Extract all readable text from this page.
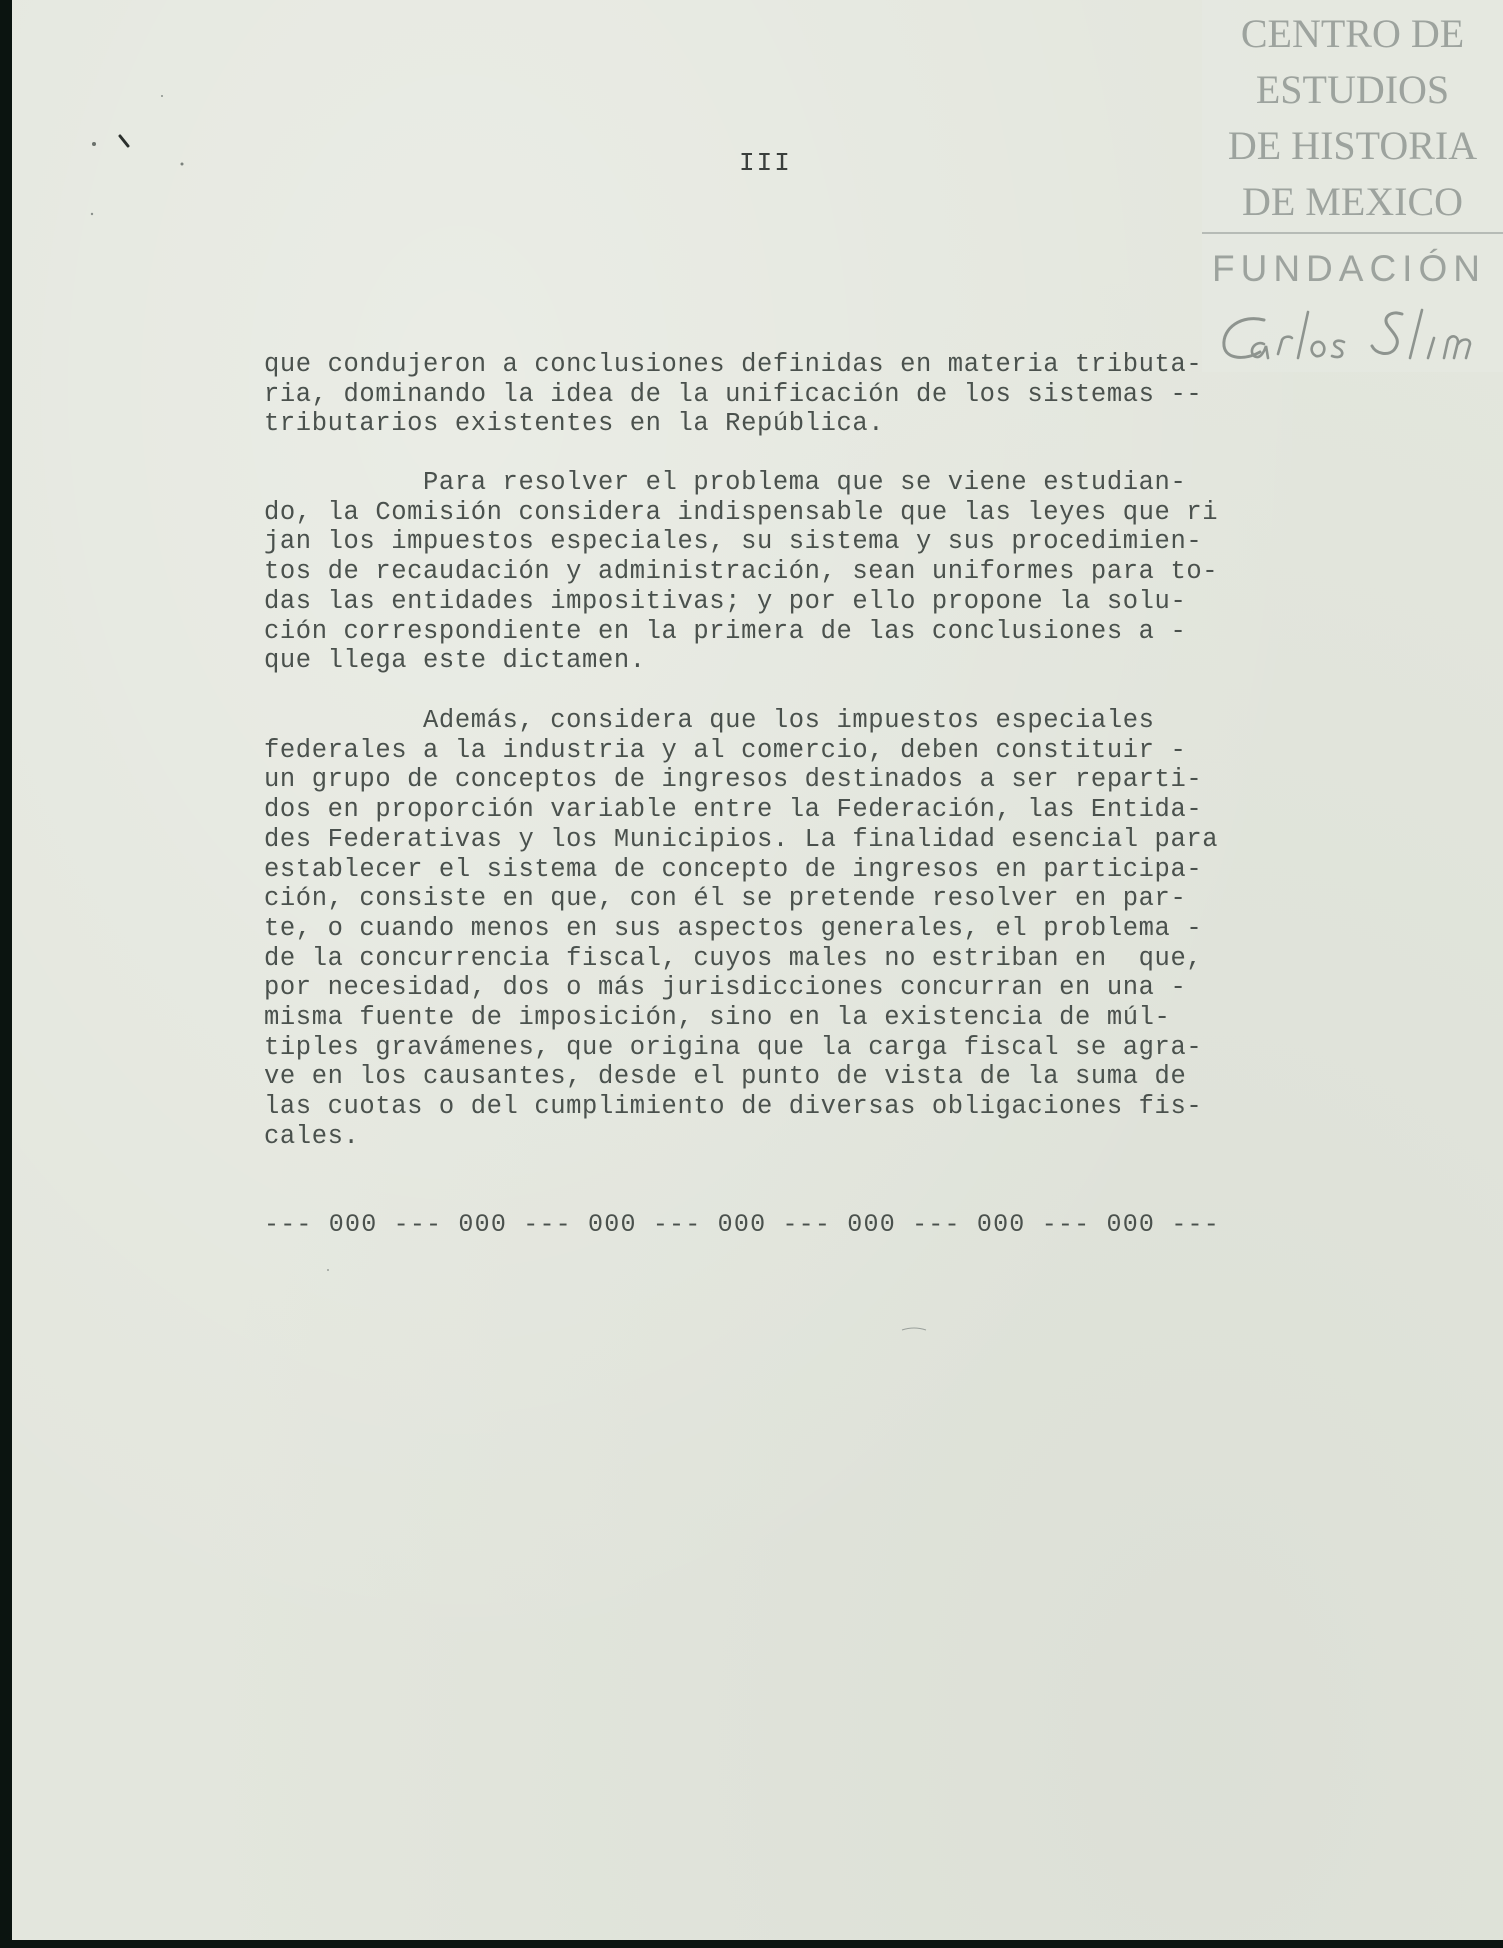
III
que condujeron a conclusiones definidas en materia tributa-
ria, dominando la idea de la unificación de los sistemas --
tributarios existentes en la República.
Para resolver el problema que se viene estudian-
do, la Comisión considera indispensable que las leyes que ri
jan los impuestos especiales, su sistema y sus procedimien-
tos de recaudación y administración, sean uniformes para to-
das las entidades impositivas; y por ello propone la solu-
ción correspondiente en la primera de las conclusiones a -
que llega este dictamen.
Además, considera que los impuestos especiales
federales a la industria y al comercio, deben constituir -
un grupo de conceptos de ingresos destinados a ser reparti-
dos en proporción variable entre la Federación, las Entida-
des Federativas y los Municipios. La finalidad esencial para
establecer el sistema de concepto de ingresos en participa-
ción, consiste en que, con él se pretende resolver en par-
te, o cuando menos en sus aspectos generales, el problema -
de la concurrencia fiscal, cuyos males no estriban en  que,
por necesidad, dos o más jurisdicciones concurran en una -
misma fuente de imposición, sino en la existencia de múl-
tiples gravámenes, que origina que la carga fiscal se agra-
ve en los causantes, desde el punto de vista de la suma de
las cuotas o del cumplimiento de diversas obligaciones fis-
cales.
--- 000 --- 000 --- 000 --- 000 --- 000 --- 000 --- 000 ---
CENTRO DE
ESTUDIOS
DE HISTORIA
DE MEXICO
FUNDACIÓN
